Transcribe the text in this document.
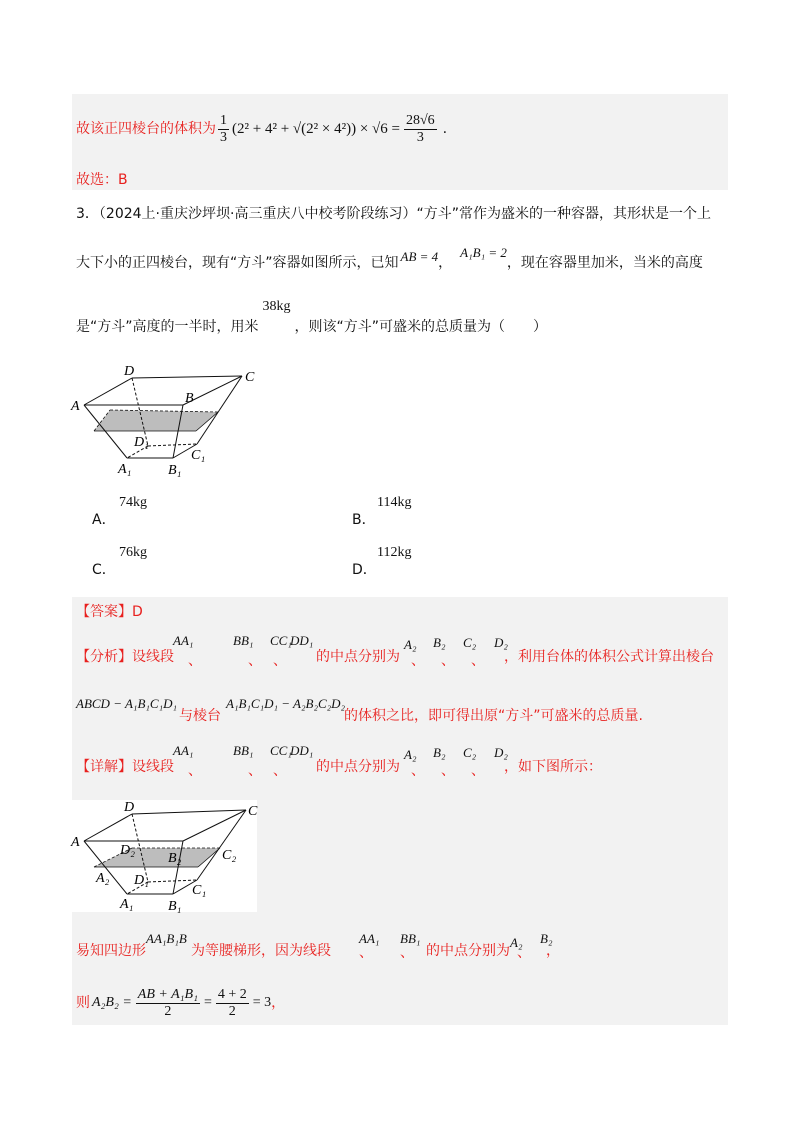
故该正四棱台的体积为 $\frac{1}{3} (2^2 + 4^2 + √(2^2 \times 4^2)) \times √6 = \frac{28√6}{3}$ .
故选：B
3．（2024上·重庆沙坪坝·高三重庆八中校考阶段练习）“方斗”常作为盛米的一种容器，其形状是一个上
大下小的正四棱台，现有“方斗”容器如图所示，已知 AB = 4 ，
A₁B₁ = 2
，现在容器里加米，当米的高度
是“方斗”高度的一半时，用米
38kg
，则该“方斗”可盛米的总质量为（　　）
D	C
A
B
D₁
C₁
A₁	B₁
A．
74kg
B．
114kg
C．
76kg
D．
112kg
【答案】D
【分析】 设线段
AA₁
、
BB₁
、
CC₁
、
DD₁
的中点分别为
A₂
、
B₂
、
C₂
、
D₂
，利用台体的体积公式计算出棱台
ABCD − A₁B₁C₁D₁
与棱台
A₁B₁C₁D₁ − A₂B₂C₂D₂
的体积之比，即可得出原“方斗”可盛米的总质量.
【详解】 设线段
AA₁
、
BB₁
、
CC₁
、
DD₁
的中点分别为
A₂
、
B₂
、
C₂
、
D₂
，如下图所示：
D	C
A
D₂
B₂	C₂
A₂ D₁
C₁
A₁ B₁
易知四边形
AA₁B₁B
为等腰梯形，因为线段
AA₁
、
BB₁
、 的中点分别为
A₂
、
B₂
，
则 $A_2B_2 = \frac{\text{AB + A₁B₁}}{2} = \frac{4 + 2}{2} = 3$ ，
